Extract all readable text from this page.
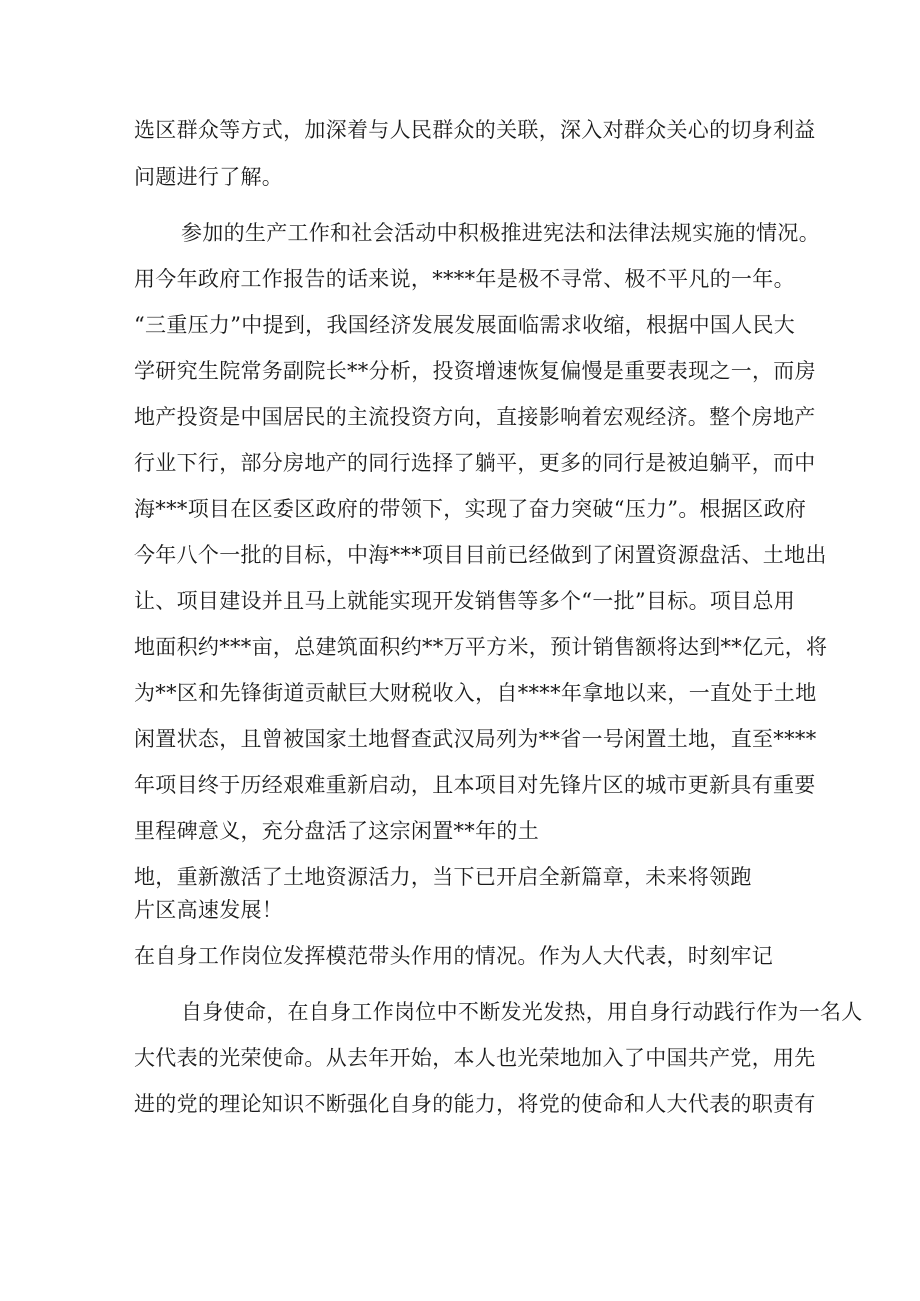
选区群众等方式，加深着与人民群众的关联，深入对群众关心的切身利益
问题进行了解。
参加的生产工作和社会活动中积极推进宪法和法律法规实施的情况。
用今年政府工作报告的话来说，****年是极不寻常、极不平凡的一年。
“三重压力”中提到，我国经济发展发展面临需求收缩，根据中国人民大
学研究生院常务副院长**分析，投资增速恢复偏慢是重要表现之一，而房
地产投资是中国居民的主流投资方向，直接影响着宏观经济。整个房地产
行业下行，部分房地产的同行选择了躺平，更多的同行是被迫躺平，而中
海***项目在区委区政府的带领下，实现了奋力突破“压力”。根据区政府
今年八个一批的目标，中海***项目目前已经做到了闲置资源盘活、土地出
让、项目建设并且马上就能实现开发销售等多个“一批”目标。项目总用
地面积约***亩，总建筑面积约**万平方米，预计销售额将达到**亿元，将
为**区和先锋街道贡献巨大财税收入，自****年拿地以来，一直处于土地
闲置状态，且曾被国家土地督查武汉局列为**省一号闲置土地，直至****
年项目终于历经艰难重新启动，且本项目对先锋片区的城市更新具有重要
里程碑意义，充分盘活了这宗闲置**年的土
地，重新激活了土地资源活力，当下已开启全新篇章，未来将领跑
片区高速发展！
在自身工作岗位发挥模范带头作用的情况。作为人大代表，时刻牢记
自身使命，在自身工作岗位中不断发光发热，用自身行动践行作为一名人
大代表的光荣使命。从去年开始，本人也光荣地加入了中国共产党，用先
进的党的理论知识不断强化自身的能力，将党的使命和人大代表的职责有
